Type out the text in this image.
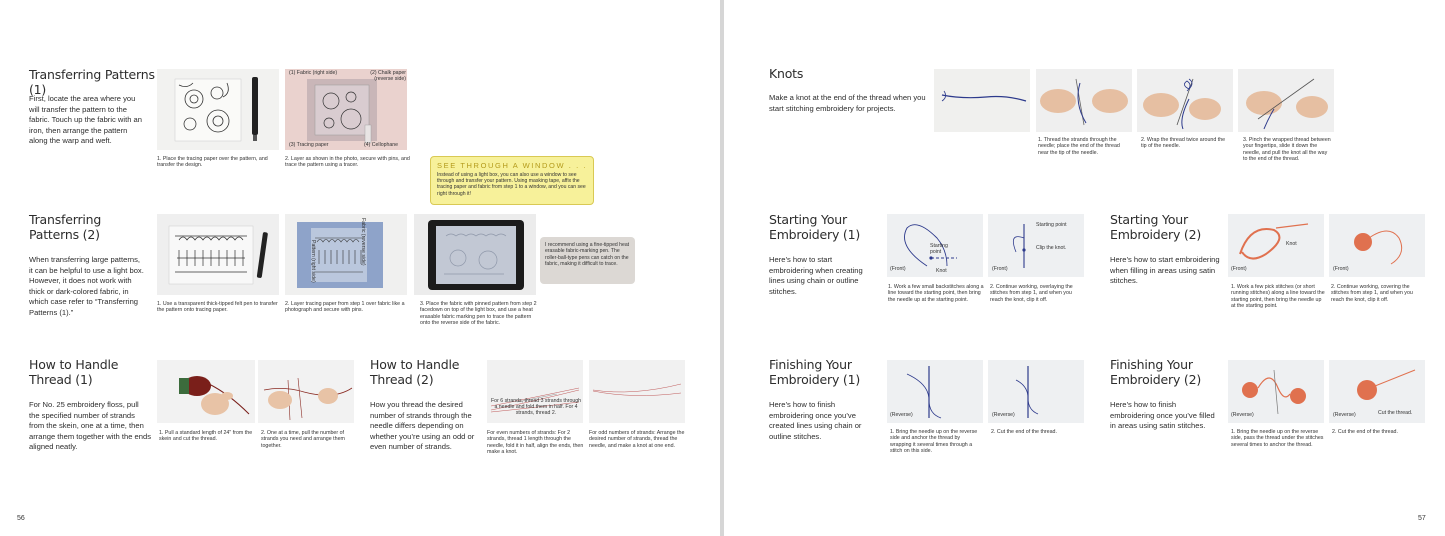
Transferring Patterns (1)
First, locate the area where you will transfer the pattern to the fabric. Touch up the fabric with an iron, then arrange the pattern along the warp and weft.
1. Place the tracing paper over the pattern, and transfer the design.
(1) Fabric (right side)	(2) Chalk paper (reverse side)
(3) Tracing paper	(4) Cellophane
2. Layer as shown in the photo, secure with pins, and trace the pattern using a tracer.	SEE THROUGH A WINDOW . . .
Instead of using a light box, you can also use a window to see through and transfer your pattern. Using masking tape, affix the tracing paper and fabric from step 1 to a window, and you can see right through it!
Transferring Patterns (2)
When transferring large patterns, it can be helpful to use a light box. However, it does not work with thick or dark-colored fabric, in which case refer to “Transferring Patterns (1).”
1. Use a transparent thick-tipped felt pen to transfer the pattern onto tracing paper.
Fabric (reverse side)
Pattern (right side)
2. Layer tracing paper from step 1 over fabric like a photograph and secure with pins.
3. Place the fabric with pinned pattern from step 2 facedown on top of the light box, and use a heat erasable fabric marking pen to trace the pattern onto the reverse side of the fabric.
I recommend using a fine-tipped heat erasable fabric-marking pen. The roller-ball-type pens can catch on the fabric, making it difficult to trace.
How to Handle Thread (1)
For No. 25 embroidery floss, pull the specified number of strands from the skein, one at a time, then arrange them together with the ends aligned neatly.
1. Pull a standard length of 24" from the skein and cut the thread.
2. One at a time, pull the number of strands you need and arrange them together.
How to Handle Thread (2)
How you thread the desired number of strands through the needle differs depending on whether you’re using an odd or even number of strands.
For 6 strands, thread 3 strands through a needle and fold them in half. For 4 strands, thread 2.
For even numbers of strands: For 2 strands, thread 1 length through the needle, fold it in half, align the ends, then make a knot.
For odd numbers of strands: Arrange the desired number of strands, thread the needle, and make a knot at one end.
56
Knots
Make a knot at the end of the thread when you start stitching embroidery for projects.
1. Thread the strands through the needle; place the end of the thread near the tip of the needle.
2. Wrap the thread twice around the tip of the needle.
3. Pinch the wrapped thread between your fingertips, slide it down the needle, and pull the knot all the way to the end of the thread.
Starting Your Embroidery (1)
Here’s how to start embroidering when creating lines using chain or outline stitches.
Starting point
Knot
(Front)
1. Work a few small backstitches along a line toward the starting point, then bring the needle up at the starting point.
Starting point
Clip the knot.
(Front)
2. Continue working, overlaying the stitches from step 1, and when you reach the knot, clip it off.
Starting Your Embroidery (2)
Here’s how to start embroidering when filling in areas using satin stitches.
Knot
(Front)
1. Work a few pick stitches (or short running stitches) along a line toward the starting point, then bring the needle up at the starting point.
(Front)
2. Continue working, covering the stitches from step 1, and when you reach the knot, clip it off.
Finishing Your Embroidery (1)
Here’s how to finish embroidering once you’ve created lines using chain or outline stitches.
(Reverse)
1. Bring the needle up on the reverse side and anchor the thread by wrapping it several times through a stitch on this side.
(Reverse)
2. Cut the end of the thread.
Finishing Your Embroidery (2)
Here’s how to finish embroidering once you’ve filled in areas using satin stitches.
(Reverse)
1. Bring the needle up on the reverse side, pass the thread under the stitches several times to anchor the thread.
(Reverse)	Cut the thread.
2. Cut the end of the thread.
57
